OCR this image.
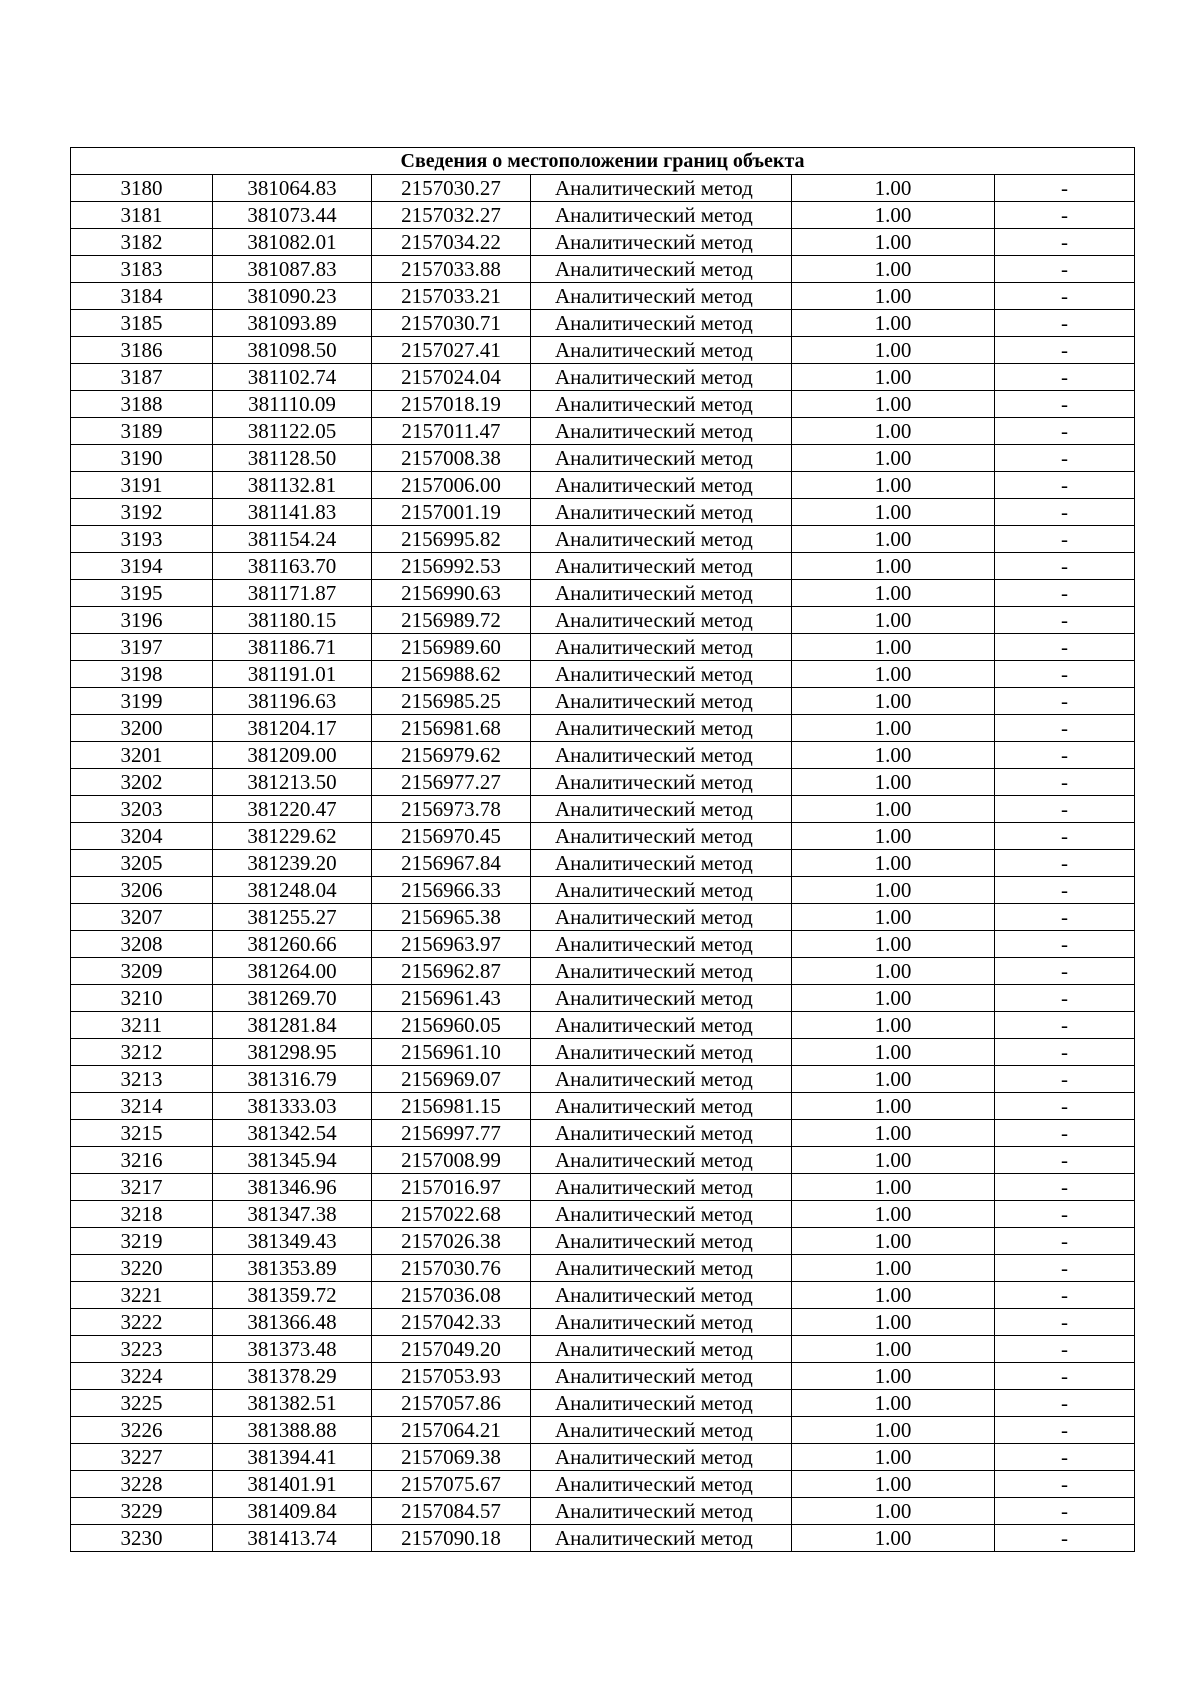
Сведения о местоположении границ объекта					
3180	381064.83	2157030.27	Аналитический метод	1.00	-
3181	381073.44	2157032.27	Аналитический метод	1.00	-
3182	381082.01	2157034.22	Аналитический метод	1.00	-
3183	381087.83	2157033.88	Аналитический метод	1.00	-
3184	381090.23	2157033.21	Аналитический метод	1.00	-
3185	381093.89	2157030.71	Аналитический метод	1.00	-
3186	381098.50	2157027.41	Аналитический метод	1.00	-
3187	381102.74	2157024.04	Аналитический метод	1.00	-
3188	381110.09	2157018.19	Аналитический метод	1.00	-
3189	381122.05	2157011.47	Аналитический метод	1.00	-
3190	381128.50	2157008.38	Аналитический метод	1.00	-
3191	381132.81	2157006.00	Аналитический метод	1.00	-
3192	381141.83	2157001.19	Аналитический метод	1.00	-
3193	381154.24	2156995.82	Аналитический метод	1.00	-
3194	381163.70	2156992.53	Аналитический метод	1.00	-
3195	381171.87	2156990.63	Аналитический метод	1.00	-
3196	381180.15	2156989.72	Аналитический метод	1.00	-
3197	381186.71	2156989.60	Аналитический метод	1.00	-
3198	381191.01	2156988.62	Аналитический метод	1.00	-
3199	381196.63	2156985.25	Аналитический метод	1.00	-
3200	381204.17	2156981.68	Аналитический метод	1.00	-
3201	381209.00	2156979.62	Аналитический метод	1.00	-
3202	381213.50	2156977.27	Аналитический метод	1.00	-
3203	381220.47	2156973.78	Аналитический метод	1.00	-
3204	381229.62	2156970.45	Аналитический метод	1.00	-
3205	381239.20	2156967.84	Аналитический метод	1.00	-
3206	381248.04	2156966.33	Аналитический метод	1.00	-
3207	381255.27	2156965.38	Аналитический метод	1.00	-
3208	381260.66	2156963.97	Аналитический метод	1.00	-
3209	381264.00	2156962.87	Аналитический метод	1.00	-
3210	381269.70	2156961.43	Аналитический метод	1.00	-
3211	381281.84	2156960.05	Аналитический метод	1.00	-
3212	381298.95	2156961.10	Аналитический метод	1.00	-
3213	381316.79	2156969.07	Аналитический метод	1.00	-
3214	381333.03	2156981.15	Аналитический метод	1.00	-
3215	381342.54	2156997.77	Аналитический метод	1.00	-
3216	381345.94	2157008.99	Аналитический метод	1.00	-
3217	381346.96	2157016.97	Аналитический метод	1.00	-
3218	381347.38	2157022.68	Аналитический метод	1.00	-
3219	381349.43	2157026.38	Аналитический метод	1.00	-
3220	381353.89	2157030.76	Аналитический метод	1.00	-
3221	381359.72	2157036.08	Аналитический метод	1.00	-
3222	381366.48	2157042.33	Аналитический метод	1.00	-
3223	381373.48	2157049.20	Аналитический метод	1.00	-
3224	381378.29	2157053.93	Аналитический метод	1.00	-
3225	381382.51	2157057.86	Аналитический метод	1.00	-
3226	381388.88	2157064.21	Аналитический метод	1.00	-
3227	381394.41	2157069.38	Аналитический метод	1.00	-
3228	381401.91	2157075.67	Аналитический метод	1.00	-
3229	381409.84	2157084.57	Аналитический метод	1.00	-
3230	381413.74	2157090.18	Аналитический метод	1.00	-
